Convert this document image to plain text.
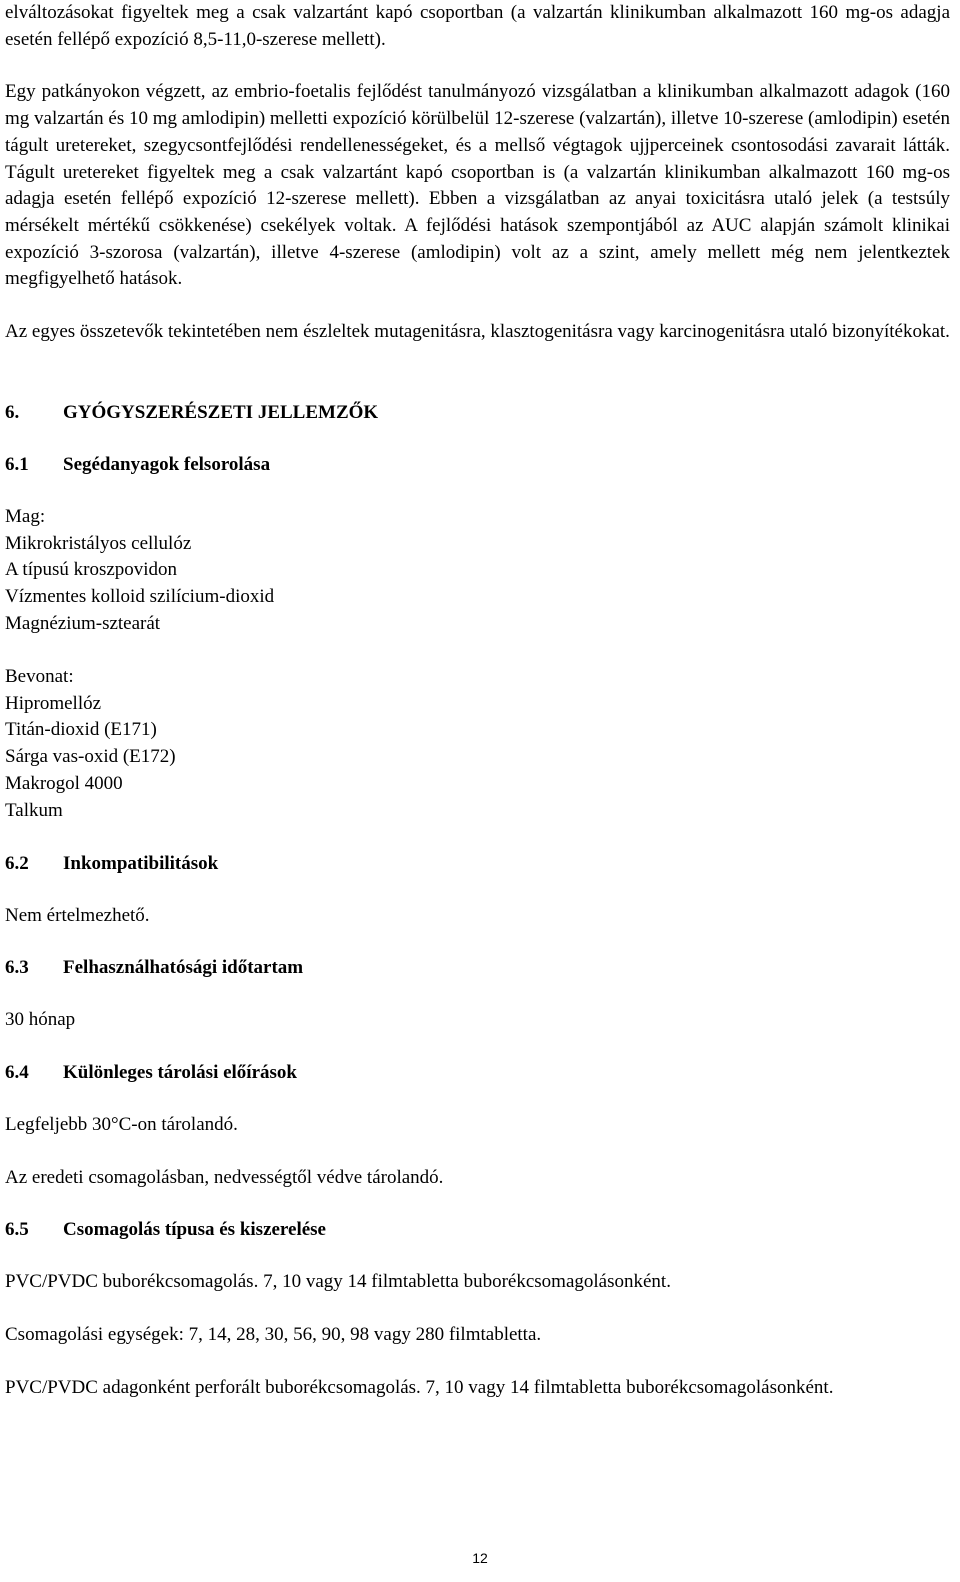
elváltozásokat figyeltek meg a csak valzartánt kapó csoportban (a valzartán klinikumban alkalmazott 160 mg-os adagja esetén fellépő expozíció 8,5-11,0-szerese mellett).

Egy patkányokon végzett, az embrio-foetalis fejlődést tanulmányozó vizsgálatban a klinikumban alkalmazott adagok (160 mg valzartán és 10 mg amlodipin) melletti expozíció körülbelül 12-szerese (valzartán), illetve 10-szerese (amlodipin) esetén tágult uretereket, szegycsontfejlődési rendellenességeket, és a mellső végtagok ujjperceinek csontosodási zavarait látták. Tágult uretereket figyeltek meg a csak valzartánt kapó csoportban is (a valzartán klinikumban alkalmazott 160 mg-os adagja esetén fellépő expozíció 12-szerese mellett). Ebben a vizsgálatban az anyai toxicitásra utaló jelek (a testsúly mérsékelt mértékű csökkenése) csekélyek voltak. A fejlődési hatások szempontjából az AUC alapján számolt klinikai expozíció 3-szorosa (valzartán), illetve 4-szerese (amlodipin) volt az a szint, amely mellett még nem jelentkeztek megfigyelhető hatások.

Az egyes összetevők tekintetében nem észleltek mutagenitásra, klasztogenitásra vagy karcinogenitásra utaló bizonyítékokat.

6. GYÓGYSZERÉSZETI JELLEMZŐK
6.1 Segédanyagok felsorolása
Mag:
Mikrokristályos cellulóz
A típusú kroszpovidon
Vízmentes kolloid szilícium-dioxid
Magnézium-sztearát
Bevonat:
Hipromellóz
Titán-dioxid (E171)
Sárga vas-oxid (E172)
Makrogol 4000
Talkum
6.2 Inkompatibilitások

Nem értelmezhető.

6.3 Felhasználhatósági időtartam

30 hónap

6.4 Különleges tárolási előírások

Legfeljebb 30°C-on tárolandó.

Az eredeti csomagolásban, nedvességtől védve tárolandó.

6.5 Csomagolás típusa és kiszerelése

PVC/PVDC buborékcsomagolás. 7, 10 vagy 14 filmtabletta buborékcsomagolásonként.

Csomagolási egységek: 7, 14, 28, 30, 56, 90, 98 vagy 280 filmtabletta.

PVC/PVDC adagonként perforált buborékcsomagolás. 7, 10 vagy 14 filmtabletta buborékcsomagolásonként.

12
